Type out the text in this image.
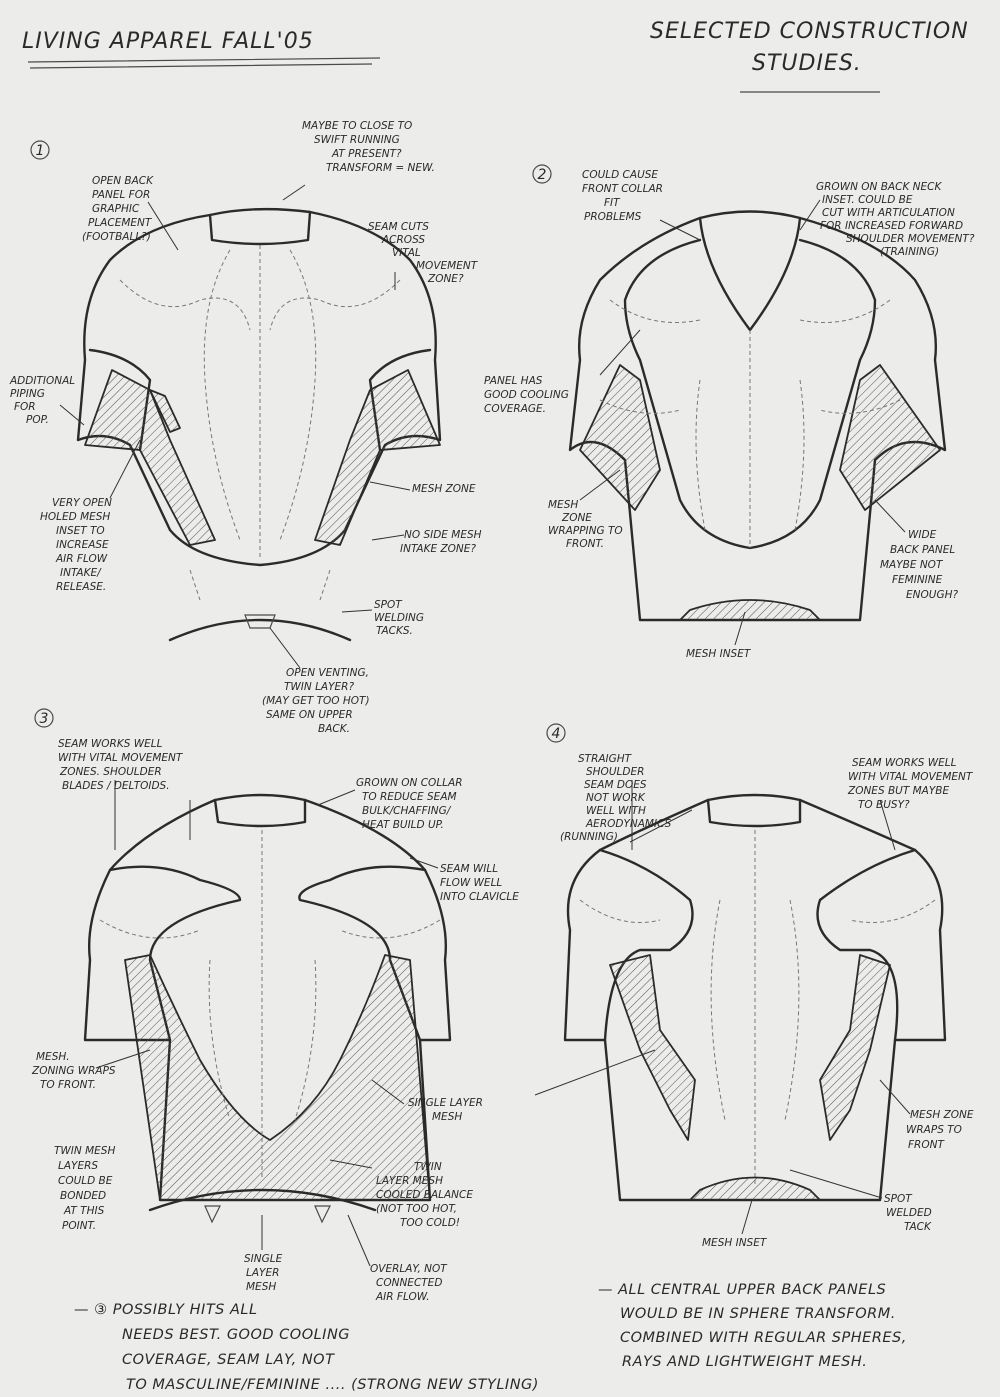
LIVING APPAREL FALL'05	SELECTED CONSTRUCTION
STUDIES.
1
OPEN BACK PANEL FOR GRAPHIC PLACEMENT (FOOTBALL?)
MAYBE TO CLOSE TO SWIFT RUNNING AT PRESENT? TRANSFORM = NEW.
SEAM CUTS ACROSS VITAL MOVEMENT ZONE?
ADDITIONAL PIPING FOR POP.
VERY OPEN HOLED MESH INSET TO INCREASE AIR FLOW INTAKE/ RELEASE.
MESH ZONE
NO SIDE MESH INTAKE ZONE?
SPOT WELDING TACKS.
OPEN VENTING, TWIN LAYER? (MAY GET TOO HOT) SAME ON UPPER BACK.
2	COULD CAUSE FRONT COLLAR FIT PROBLEMS
GROWN ON BACK NECK INSET. COULD BE CUT WITH ARTICULATION FOR INCREASED FORWARD SHOULDER MOVEMENT? (TRAINING)
PANEL HAS GOOD COOLING COVERAGE.
MESH ZONE WRAPPING TO FRONT.
WIDE BACK PANEL MAYBE NOT FEMININE ENOUGH?
MESH INSET
3
SEAM WORKS WELL WITH VITAL MOVEMENT ZONES. SHOULDER BLADES / DELTOIDS.	GROWN ON COLLAR TO REDUCE SEAM BULK/CHAFFING/ HEAT BUILD UP.
SEAM WILL FLOW WELL INTO CLAVICLE
MESH. ZONING WRAPS TO FRONT.
SINGLE LAYER MESH
TWIN MESH LAYERS COULD BE BONDED AT THIS POINT.
TWIN LAYER MESH COOLED BALANCE (NOT TOO HOT, TOO COLD!
SINGLE LAYER MESH
OVERLAY, NOT CONNECTED AIR FLOW.
4
STRAIGHT SHOULDER SEAM DOES NOT WORK WELL WITH AERODYNAMICS (RUNNING)
SEAM WORKS WELL WITH VITAL MOVEMENT ZONES BUT MAYBE TO BUSY?
MESH ZONE WRAPS TO FRONT
SPOT WELDED TACK
MESH INSET
— ③ POSSIBLY HITS ALL NEEDS BEST. GOOD COOLING COVERAGE, SEAM LAY, NOT TO MASCULINE/FEMININE .... (STRONG NEW STYLING)
— ALL CENTRAL UPPER BACK PANELS WOULD BE IN SPHERE TRANSFORM. COMBINED WITH REGULAR SPHERES, RAYS AND LIGHTWEIGHT MESH.
